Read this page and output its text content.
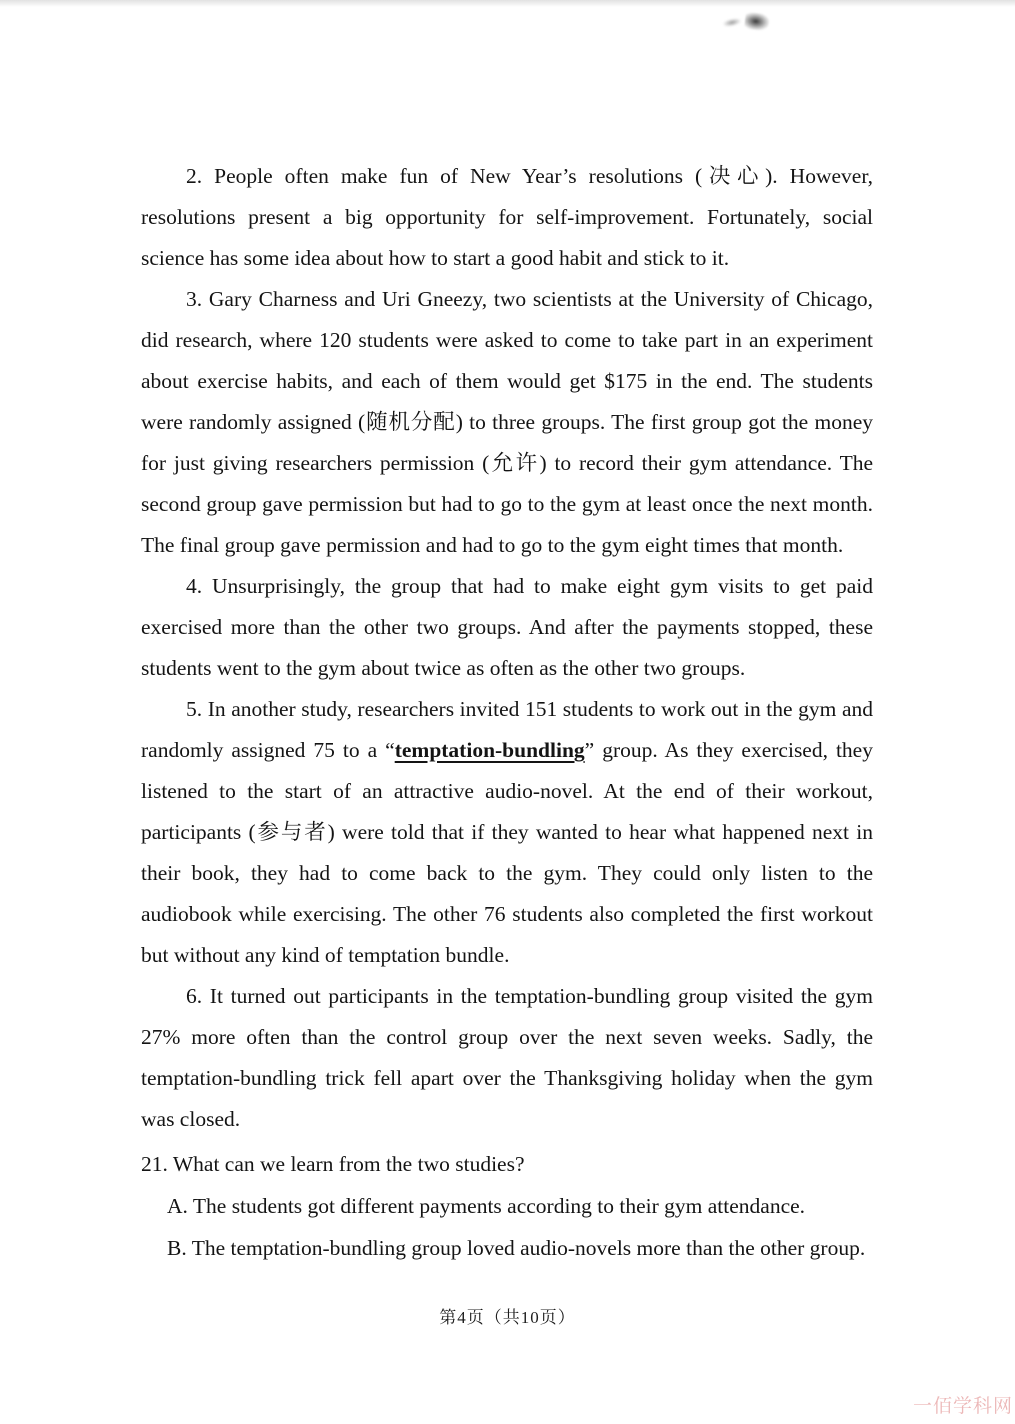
2. People often make fun of New Year’s resolutions (决心). However, resolutions present a big opportunity for self-improvement. Fortunately, social science has some idea about how to start a good habit and stick to it.

3. Gary Charness and Uri Gneezy, two scientists at the University of Chicago, did research, where 120 students were asked to come to take part in an experiment about exercise habits, and each of them would get $175 in the end. The students were randomly assigned (随机分配) to three groups. The first group got the money for just giving researchers permission (允许) to record their gym attendance. The second group gave permission but had to go to the gym at least once the next month. The final group gave permission and had to go to the gym eight times that month.

4. Unsurprisingly, the group that had to make eight gym visits to get paid exercised more than the other two groups. And after the payments stopped, these students went to the gym about twice as often as the other two groups.

5. In another study, researchers invited 151 students to work out in the gym and randomly assigned 75 to a “temptation-bundling” group. As they exercised, they listened to the start of an attractive audio-novel. At the end of their workout, participants (参与者) were told that if they wanted to hear what happened next in their book, they had to come back to the gym. They could only listen to the audiobook while exercising. The other 76 students also completed the first workout but without any kind of temptation bundle.

6. It turned out participants in the temptation-bundling group visited the gym 27% more often than the control group over the next seven weeks. Sadly, the temptation-bundling trick fell apart over the Thanksgiving holiday when the gym was closed.

21. What can we learn from the two studies?

A. The students got different payments according to their gym attendance.

B. The temptation-bundling group loved audio-novels more than the other group.

第4页（共10页）
一佰学科网
